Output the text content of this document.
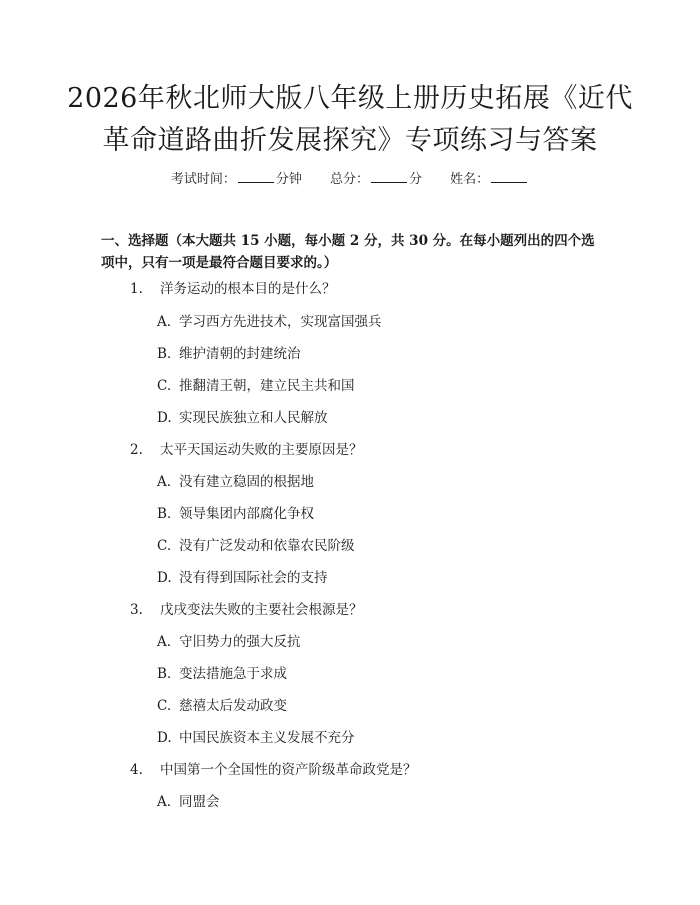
2026年秋北师大版八年级上册历史拓展《近代革命道路曲折发展探究》专项练习与答案
考试时间：	分钟 总分：	分 姓名：
一、选择题（本大题共 15 小题，每小题 2 分，共 30 分。在每小题列出的四个选项中，只有一项是最符合题目要求的。）
1. 洋务运动的根本目的是什么？
A. 学习西方先进技术，实现富国强兵
B. 维护清朝的封建统治
C. 推翻清王朝，建立民主共和国
D. 实现民族独立和人民解放
2. 太平天国运动失败的主要原因是？
A. 没有建立稳固的根据地
B. 领导集团内部腐化争权
C. 没有广泛发动和依靠农民阶级
D. 没有得到国际社会的支持
3. 戊戌变法失败的主要社会根源是？
A. 守旧势力的强大反抗
B. 变法措施急于求成
C. 慈禧太后发动政变
D. 中国民族资本主义发展不充分
4. 中国第一个全国性的资产阶级革命政党是？
A. 同盟会
